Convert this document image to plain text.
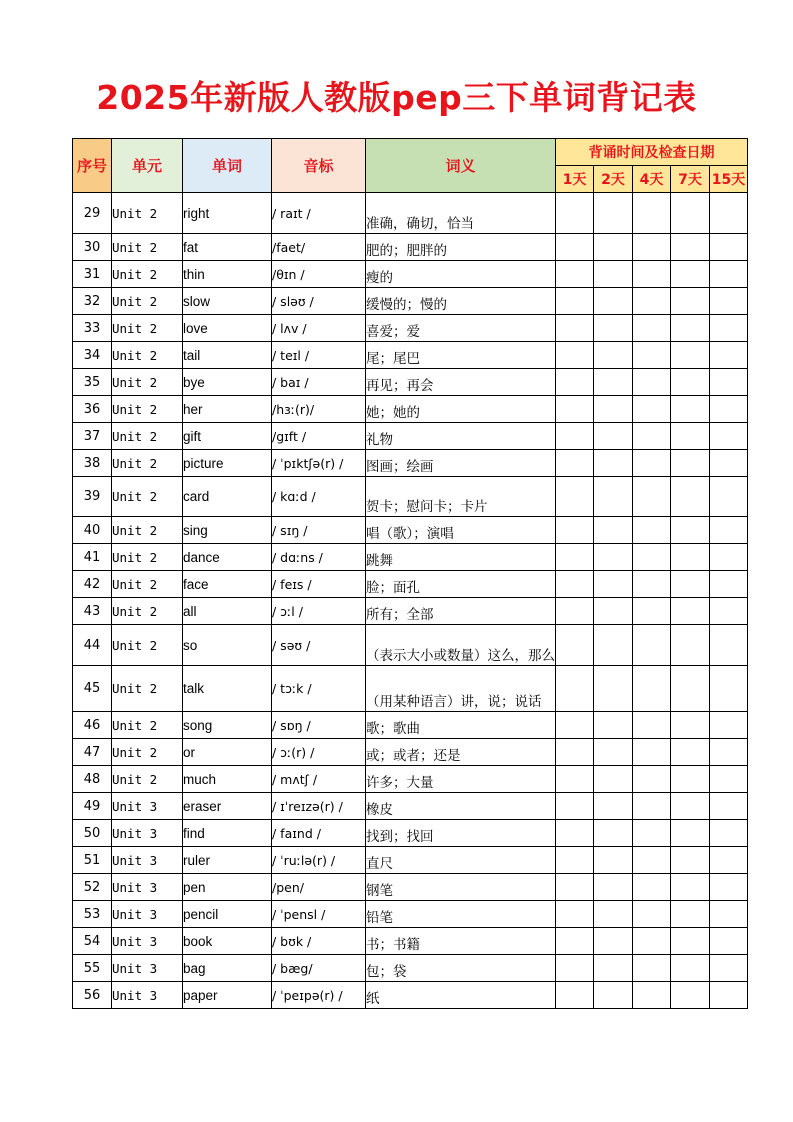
2025年新版人教版pep三下单词背记表
序号	单元	单词	音标	词义	背诵时间及检查日期				
					1天	2天	4天	7天	15天
29	Unit 2	right	/ raɪt /	准确，确切，恰当					
30	Unit 2	fat	/faet/	肥的；肥胖的					
31	Unit 2	thin	/θɪn /	瘦的					
32	Unit 2	slow	/ sləʊ /	缓慢的；慢的					
33	Unit 2	love	/ lʌv /	喜爱；爱					
34	Unit 2	tail	/ teɪl /	尾；尾巴					
35	Unit 2	bye	/ baɪ /	再见；再会					
36	Unit 2	her	/hɜː(r)/	她；她的					
37	Unit 2	gift	/gɪft /	礼物					
38	Unit 2	picture	/ ˈpɪktʃə(r) /	图画；绘画					
39	Unit 2	card	/ kɑːd /	贺卡；慰问卡；卡片					
40	Unit 2	sing	/ sɪŋ /	唱（歌）；演唱					
41	Unit 2	dance	/ dɑːns /	跳舞					
42	Unit 2	face	/ feɪs /	脸；面孔					
43	Unit 2	all	/ ɔːl /	所有；全部					
44	Unit 2	so	/ səʊ /	（表示大小或数量）这么，那么					
45	Unit 2	talk	/ tɔːk /	（用某种语言）讲，说；说话					
46	Unit 2	song	/ sɒŋ /	歌；歌曲					
47	Unit 2	or	/ ɔː(r) /	或；或者；还是					
48	Unit 2	much	/ mʌtʃ /	许多；大量					
49	Unit 3	eraser	/ ɪˈreɪzə(r) /	橡皮					
50	Unit 3	find	/ faɪnd /	找到；找回					
51	Unit 3	ruler	/ ˈruːlə(r) /	直尺					
52	Unit 3	pen	/pen/	钢笔					
53	Unit 3	pencil	/ ˈpensl /	铅笔					
54	Unit 3	book	/ bʊk /	书；书籍					
55	Unit 3	bag	/ bæg/	包；袋					
56	Unit 3	paper	/ ˈpeɪpə(r) /	纸					
